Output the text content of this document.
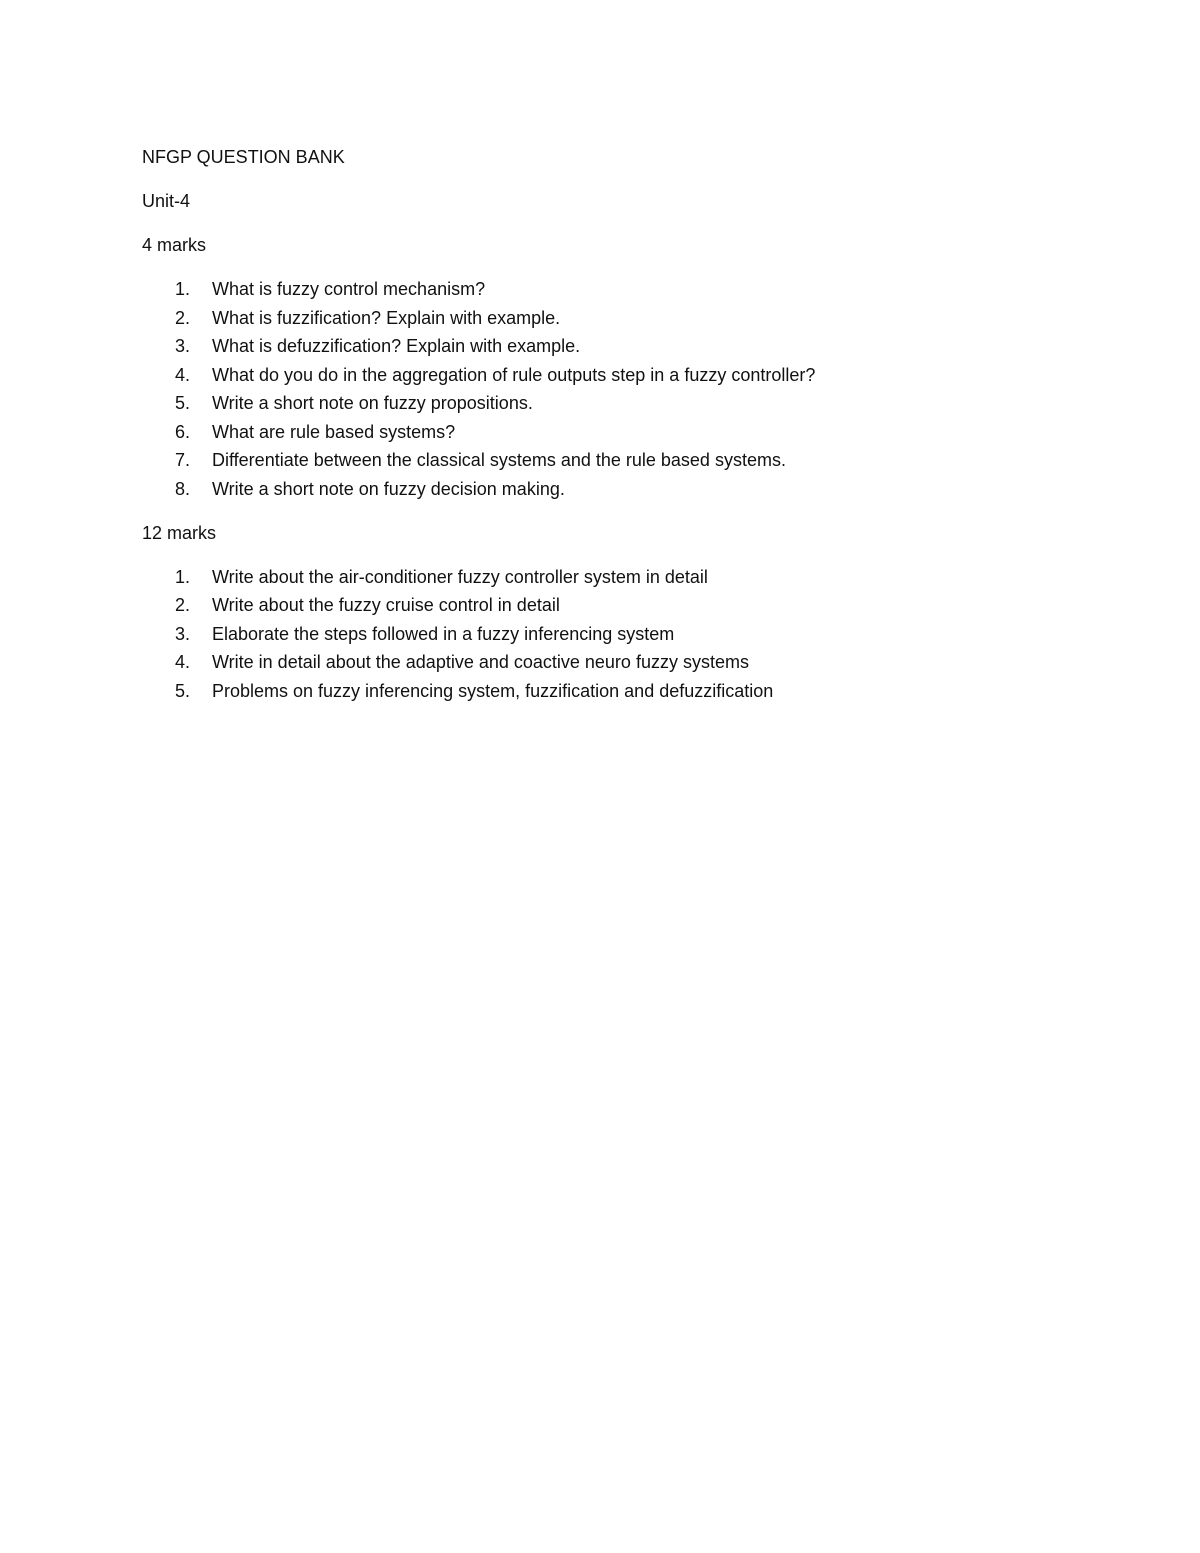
NFGP QUESTION BANK

Unit-4

4 marks

1. What is fuzzy control mechanism?
2. What is fuzzification? Explain with example.
3. What is defuzzification? Explain with example.
4. What do you do in the aggregation of rule outputs step in a fuzzy controller?
5. Write a short note on fuzzy propositions.
6. What are rule based systems?
7. Differentiate between the classical systems and the rule based systems.
8. Write a short note on fuzzy decision making.

12 marks

1. Write about the air-conditioner fuzzy controller system in detail
2. Write about the fuzzy cruise control in detail
3. Elaborate the steps followed in a fuzzy inferencing system
4. Write in detail about the adaptive and coactive neuro fuzzy systems
5. Problems on fuzzy inferencing system, fuzzification and defuzzification
